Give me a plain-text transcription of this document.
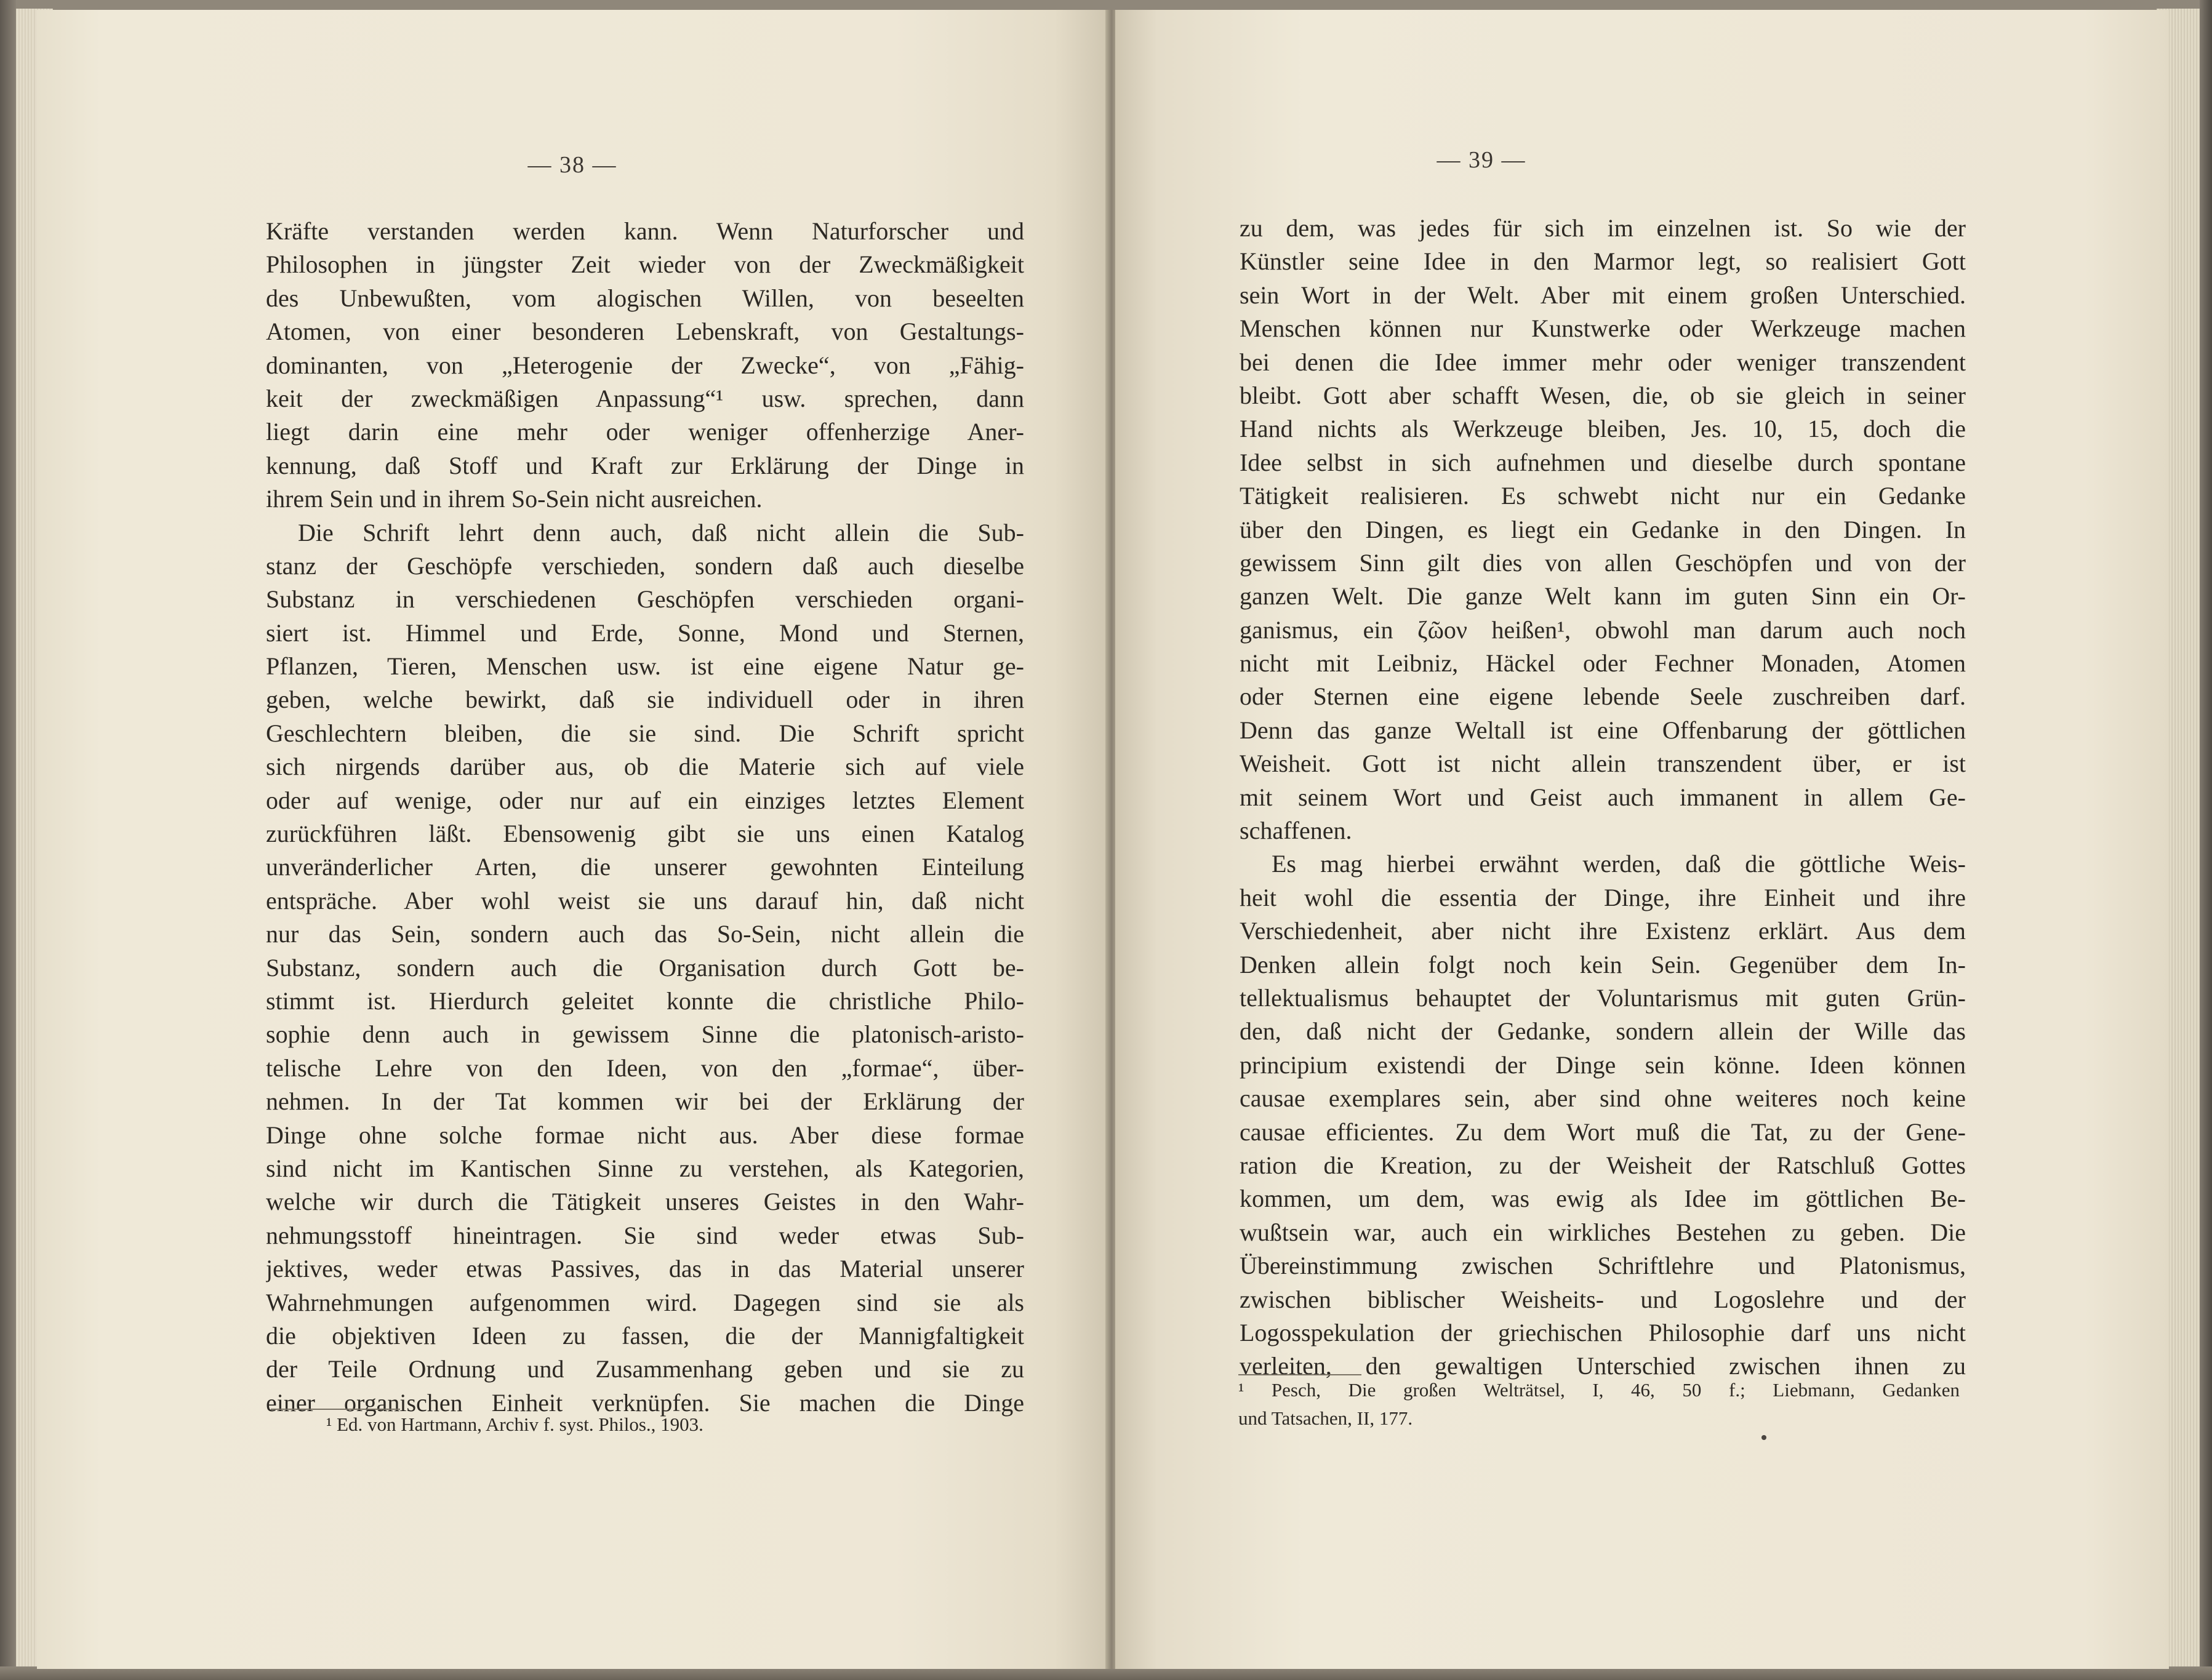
— 38 —
Kräfte verstanden werden kann. Wenn Naturforscher und
Philosophen in jüngster Zeit wieder von der Zweckmäßigkeit
des Unbewußten, vom alogischen Willen, von beseelten
Atomen, von einer besonderen Lebenskraft, von Gestaltungs-
dominanten, von „Heterogenie der Zwecke“, von „Fähig-
keit der zweckmäßigen Anpassung“¹ usw. sprechen, dann
liegt darin eine mehr oder weniger offenherzige Aner-
kennung, daß Stoff und Kraft zur Erklärung der Dinge in
ihrem Sein und in ihrem So-Sein nicht ausreichen.
Die Schrift lehrt denn auch, daß nicht allein die Sub-
stanz der Geschöpfe verschieden, sondern daß auch dieselbe
Substanz in verschiedenen Geschöpfen verschieden organi-
siert ist. Himmel und Erde, Sonne, Mond und Sternen,
Pflanzen, Tieren, Menschen usw. ist eine eigene Natur ge-
geben, welche bewirkt, daß sie individuell oder in ihren
Geschlechtern bleiben, die sie sind. Die Schrift spricht
sich nirgends darüber aus, ob die Materie sich auf viele
oder auf wenige, oder nur auf ein einziges letztes Element
zurückführen läßt. Ebensowenig gibt sie uns einen Katalog
unveränderlicher Arten, die unserer gewohnten Einteilung
entspräche. Aber wohl weist sie uns darauf hin, daß nicht
nur das Sein, sondern auch das So-Sein, nicht allein die
Substanz, sondern auch die Organisation durch Gott be-
stimmt ist. Hierdurch geleitet konnte die christliche Philo-
sophie denn auch in gewissem Sinne die platonisch-aristo-
telische Lehre von den Ideen, von den „formae“, über-
nehmen. In der Tat kommen wir bei der Erklärung der
Dinge ohne solche formae nicht aus. Aber diese formae
sind nicht im Kantischen Sinne zu verstehen, als Kategorien,
welche wir durch die Tätigkeit unseres Geistes in den Wahr-
nehmungsstoff hineintragen. Sie sind weder etwas Sub-
jektives, weder etwas Passives, das in das Material unserer
Wahrnehmungen aufgenommen wird. Dagegen sind sie als
die objektiven Ideen zu fassen, die der Mannigfaltigkeit
der Teile Ordnung und Zusammenhang geben und sie zu
einer organischen Einheit verknüpfen. Sie machen die Dinge
¹ Ed. von Hartmann, Archiv f. syst. Philos., 1903.
— 39 —
zu dem, was jedes für sich im einzelnen ist. So wie der
Künstler seine Idee in den Marmor legt, so realisiert Gott
sein Wort in der Welt. Aber mit einem großen Unterschied.
Menschen können nur Kunstwerke oder Werkzeuge machen
bei denen die Idee immer mehr oder weniger transzendent
bleibt. Gott aber schafft Wesen, die, ob sie gleich in seiner
Hand nichts als Werkzeuge bleiben, Jes. 10, 15, doch die
Idee selbst in sich aufnehmen und dieselbe durch spontane
Tätigkeit realisieren. Es schwebt nicht nur ein Gedanke
über den Dingen, es liegt ein Gedanke in den Dingen. In
gewissem Sinn gilt dies von allen Geschöpfen und von der
ganzen Welt. Die ganze Welt kann im guten Sinn ein Or-
ganismus, ein ζῶον heißen¹, obwohl man darum auch noch
nicht mit Leibniz, Häckel oder Fechner Monaden, Atomen
oder Sternen eine eigene lebende Seele zuschreiben darf.
Denn das ganze Weltall ist eine Offenbarung der göttlichen
Weisheit. Gott ist nicht allein transzendent über, er ist
mit seinem Wort und Geist auch immanent in allem Ge-
schaffenen.
Es mag hierbei erwähnt werden, daß die göttliche Weis-
heit wohl die essentia der Dinge, ihre Einheit und ihre
Verschiedenheit, aber nicht ihre Existenz erklärt. Aus dem
Denken allein folgt noch kein Sein. Gegenüber dem In-
tellektualismus behauptet der Voluntarismus mit guten Grün-
den, daß nicht der Gedanke, sondern allein der Wille das
principium existendi der Dinge sein könne. Ideen können
causae exemplares sein, aber sind ohne weiteres noch keine
causae efficientes. Zu dem Wort muß die Tat, zu der Gene-
ration die Kreation, zu der Weisheit der Ratschluß Gottes
kommen, um dem, was ewig als Idee im göttlichen Be-
wußtsein war, auch ein wirkliches Bestehen zu geben. Die
Übereinstimmung zwischen Schriftlehre und Platonismus,
zwischen biblischer Weisheits- und Logoslehre und der
Logosspekulation der griechischen Philosophie darf uns nicht
verleiten, den gewaltigen Unterschied zwischen ihnen zu
¹ Pesch, Die großen Welträtsel, I, 46, 50 f.; Liebmann, Gedanken
und Tatsachen, II, 177.
